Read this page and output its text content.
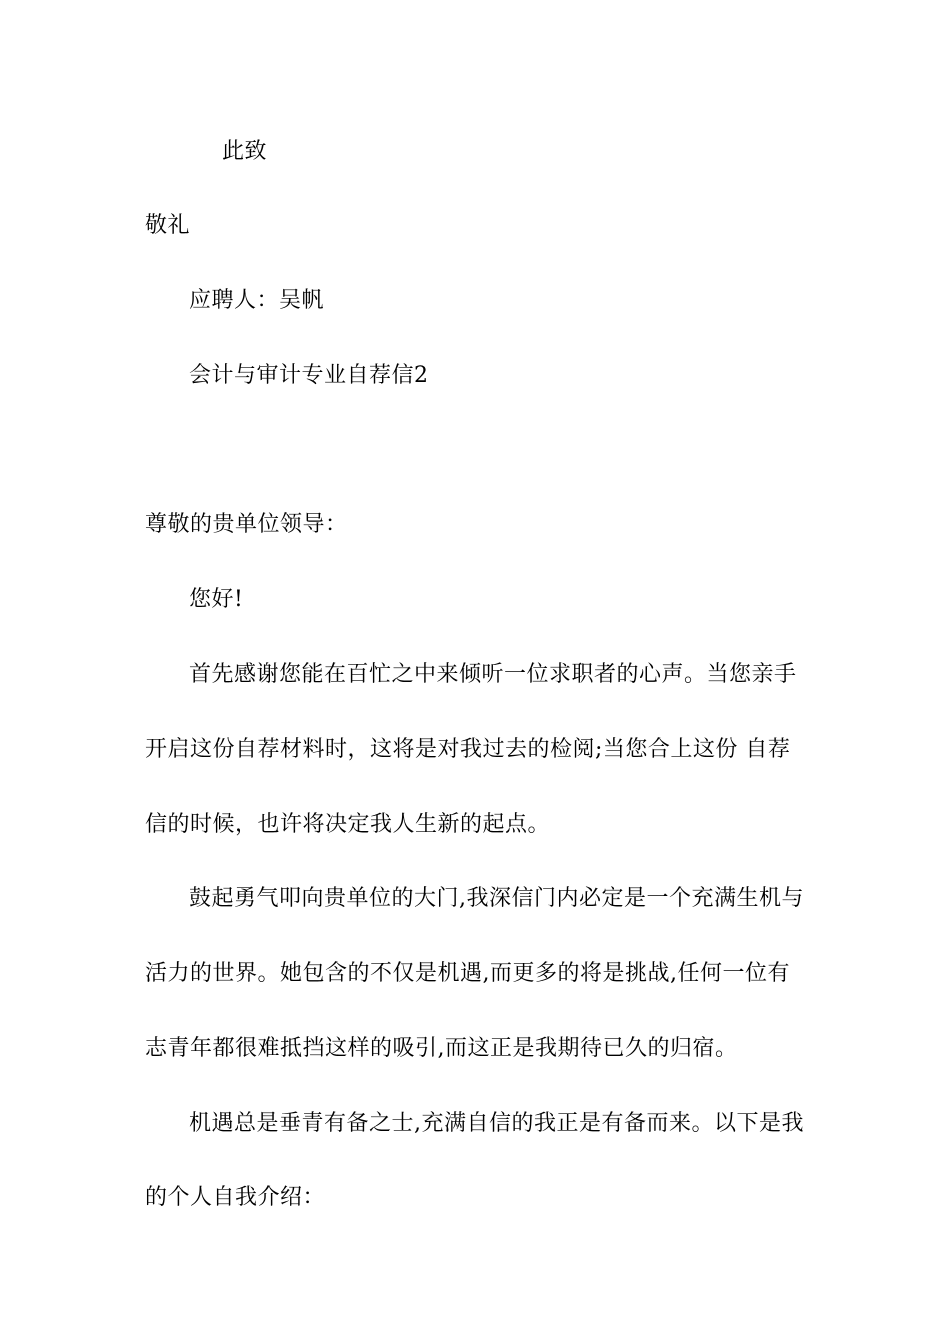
此致
敬礼
应聘人：吴帆
会计与审计专业自荐信2
尊敬的贵单位领导：
您好!
首先感谢您能在百忙之中来倾听一位求职者的心声。当您亲手
开启这份自荐材料时，这将是对我过去的检阅;当您合上这份 自荐
信的时候，也许将决定我人生新的起点。
鼓起勇气叩向贵单位的大门,我深信门内必定是一个充满生机与
活力的世界。她包含的不仅是机遇,而更多的将是挑战,任何一位有
志青年都很难抵挡这样的吸引,而这正是我期待已久的归宿。
机遇总是垂青有备之士,充满自信的我正是有备而来。以下是我
的个人自我介绍：
